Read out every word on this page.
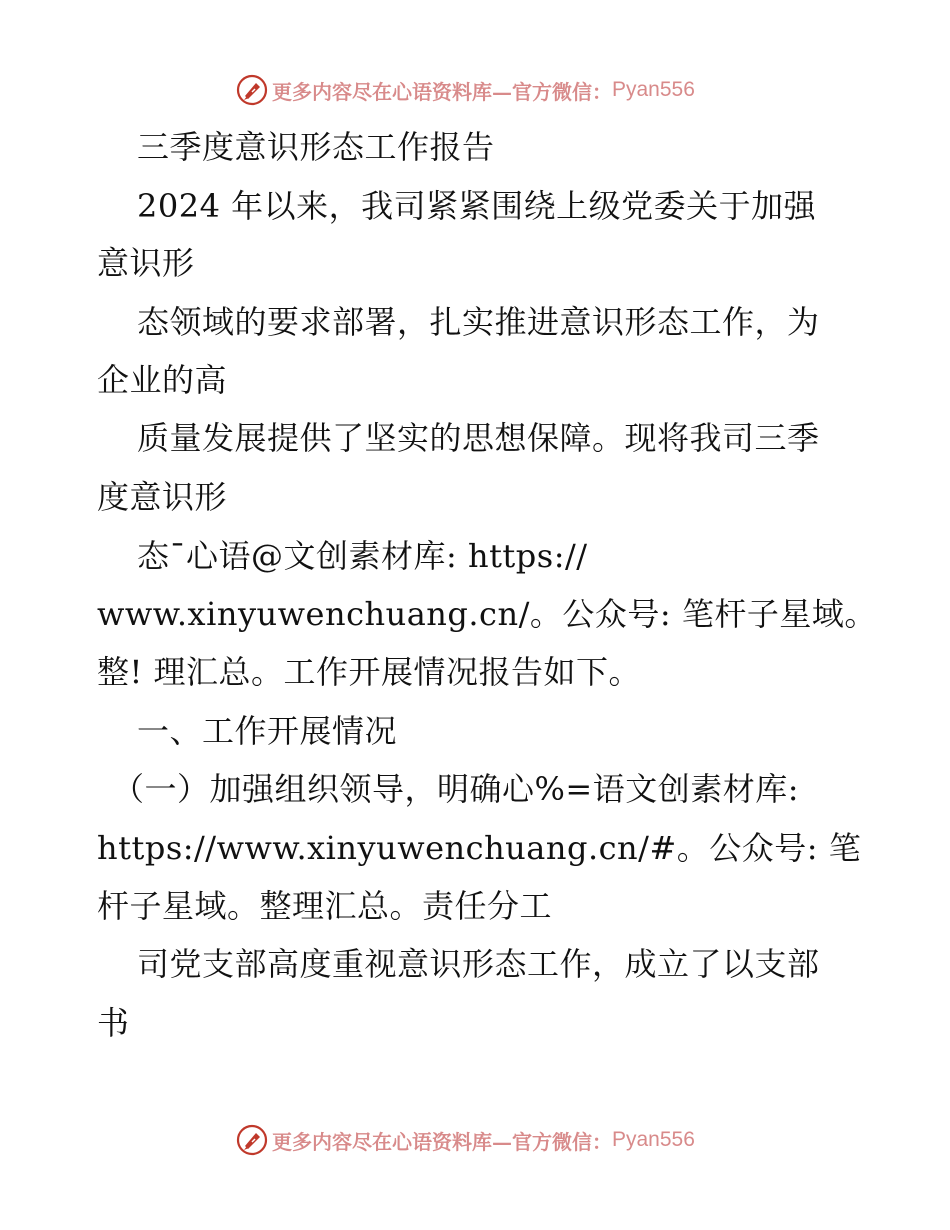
更多内容尽在心语资料库—官方微信： Pyan556
三季度意识形态工作报告
2024 年以来，我司紧紧围绕上级党委关于加强
意识形
态领域的要求部署，扎实推进意识形态工作，为
企业的高
质量发展提供了坚实的思想保障。现将我司三季
度意识形
态¯心语@文创素材库: https://
www.xinyuwenchuang.cn/。公众号: 笔杆子星域。
整! 理汇总。工作开展情况报告如下。
一、工作开展情况
（一）加强组织领导，明确心%=语文创素材库:
https://www.xinyuwenchuang.cn/#。公众号: 笔
杆子星域。整理汇总。责任分工
司党支部高度重视意识形态工作，成立了以支部
书
更多内容尽在心语资料库—官方微信： Pyan556
